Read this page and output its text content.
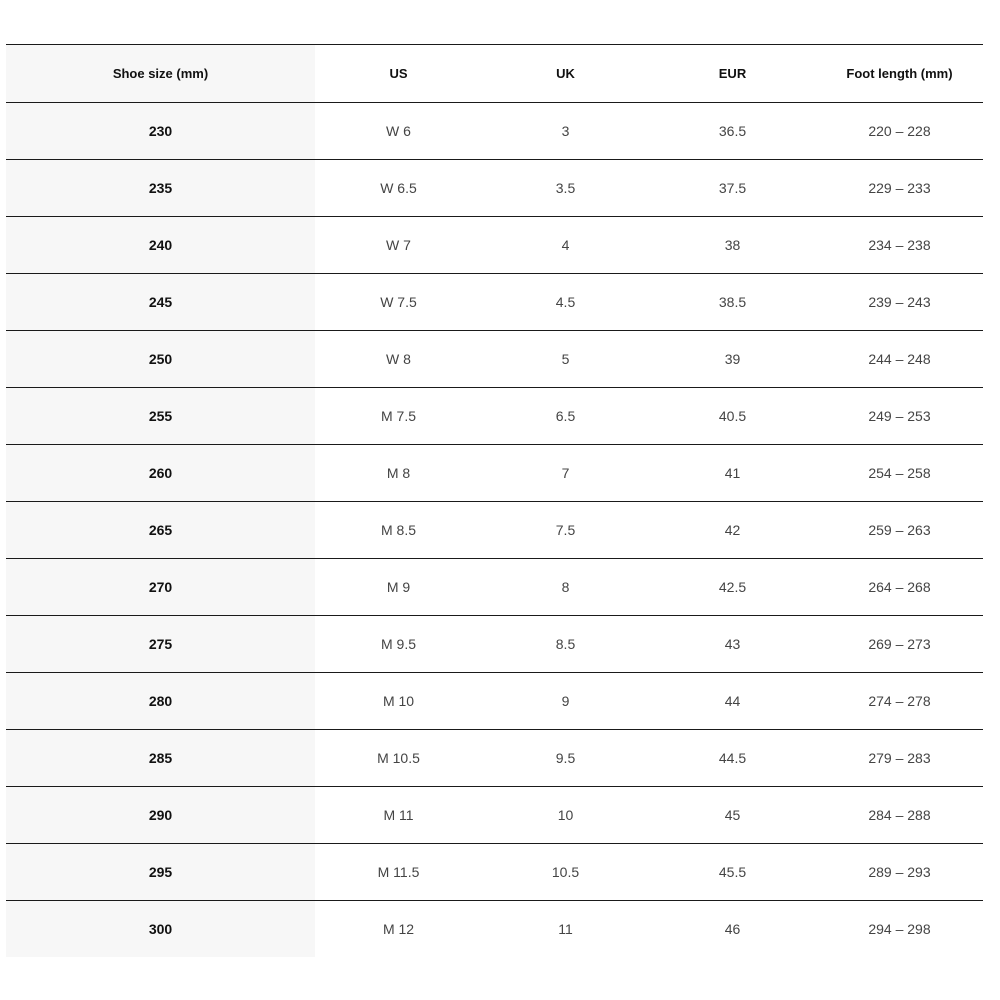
Shoe size (mm)	US	UK	EUR	Foot length (mm)
230	W 6	3	36.5	220 – 228
235	W 6.5	3.5	37.5	229 – 233
240	W 7	4	38	234 – 238
245	W 7.5	4.5	38.5	239 – 243
250	W 8	5	39	244 – 248
255	M 7.5	6.5	40.5	249 – 253
260	M 8	7	41	254 – 258
265	M 8.5	7.5	42	259 – 263
270	M 9	8	42.5	264 – 268
275	M 9.5	8.5	43	269 – 273
280	M 10	9	44	274 – 278
285	M 10.5	9.5	44.5	279 – 283
290	M 11	10	45	284 – 288
295	M 11.5	10.5	45.5	289 – 293
300	M 12	11	46	294 – 298
